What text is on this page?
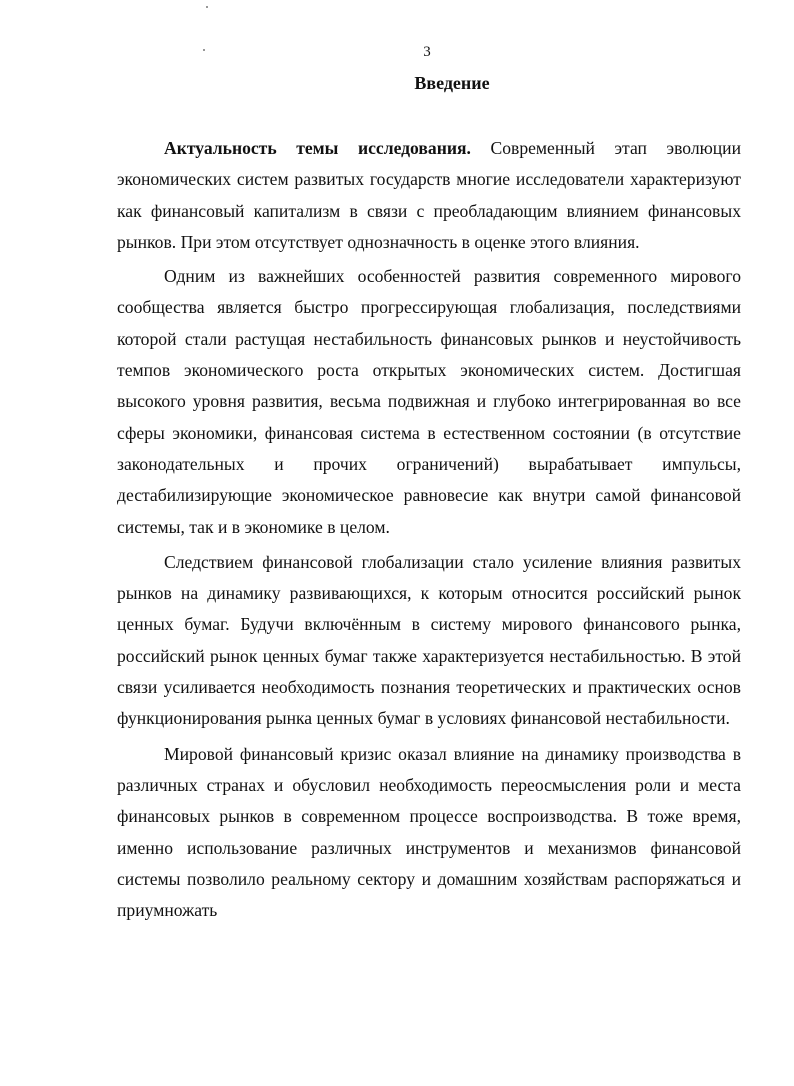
3
Введение

Актуальность темы исследования. Современный этап эволюции экономических систем развитых государств многие исследователи характеризуют как финансовый капитализм в связи с преобладающим влиянием финансовых рынков. При этом отсутствует однозначность в оценке этого влияния.

Одним из важнейших особенностей развития современного мирового сообщества является быстро прогрессирующая глобализация, последствиями которой стали растущая нестабильность финансовых рынков и неустойчивость темпов экономического роста открытых экономических систем. Достигшая высокого уровня развития, весьма подвижная и глубоко интегрированная во все сферы экономики, финансовая система в естественном состоянии (в отсутствие законодательных и прочих ограничений) вырабатывает импульсы, дестабилизирующие экономическое равновесие как внутри самой финансовой системы, так и в экономике в целом.

Следствием финансовой глобализации стало усиление влияния развитых рынков на динамику развивающихся, к которым относится российский рынок ценных бумаг. Будучи включённым в систему мирового финансового рынка, российский рынок ценных бумаг также характеризуется нестабильностью. В этой связи усиливается необходимость познания теоретических и практических основ функционирования рынка ценных бумаг в условиях финансовой нестабильности.

Мировой финансовый кризис оказал влияние на динамику производства в различных странах и обусловил необходимость переосмысления роли и места финансовых рынков в современном процессе воспроизводства. В тоже время, именно использование различных инструментов и механизмов финансовой системы позволило реальному сектору и домашним хозяйствам распоряжаться и приумножать
